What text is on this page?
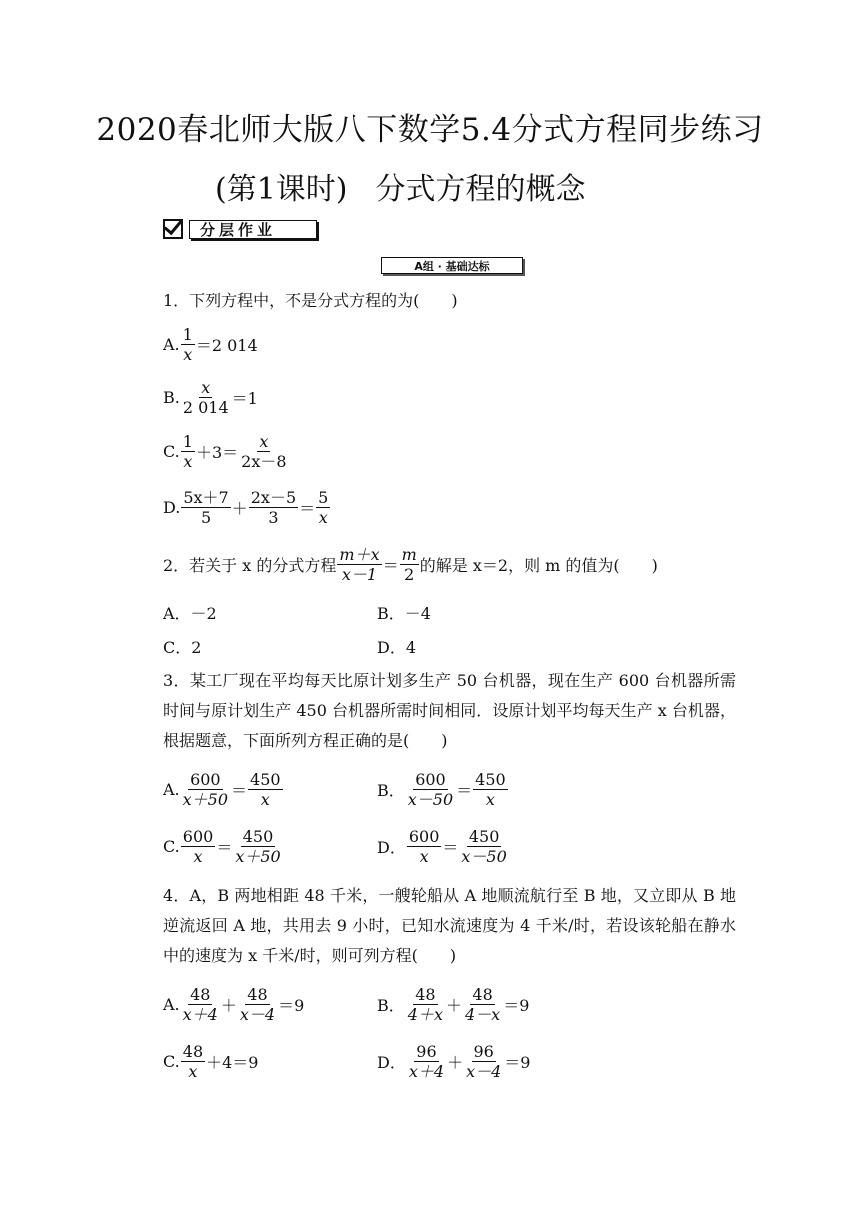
2020春北师大版八下数学5.4分式方程同步练习
(第1课时) 分式方程的概念
分层作业
A组 · 基础达标
1．下列方程中，不是分式方程的为(　　)
A.
1
x ＝2 014
B.
x
2 014 ＝1
C.
1
x ＋3＝
x
2x－8
D.
5x＋7
5 ＋
2x－5
3 ＝
5
x
2．若关于 x 的分式方程
m＋x
x－1 ＝
m
2 的解是 x＝2，则 m 的值为(　　)
A．－2	B．－4
C．2	D．4
3．某工厂现在平均每天比原计划多生产 50 台机器，现在生产 600 台机器所需时间与原计划生产 450 台机器所需时间相同．设原计划平均每天生产 x 台机器，根据题意，下面所列方程正确的是(　　)
A.
600
x＋50 ＝
450
x	B．
600
x－50 ＝
450
x
C.
600
x ＝
450
x＋50	D．
600
x ＝
450
x－50
4．A，B 两地相距 48 千米，一艘轮船从 A 地顺流航行至 B 地，又立即从 B 地逆流返回 A 地，共用去 9 小时，已知水流速度为 4 千米/时，若设该轮船在静水中的速度为 x 千米/时，则可列方程(　　)
A.
48
x＋4 ＋
48
x－4 ＝9	B．
48
4＋x ＋
48
4－x ＝9
C.
48
x ＋4＝9	D．
96
x＋4 ＋
96
x－4 ＝9
